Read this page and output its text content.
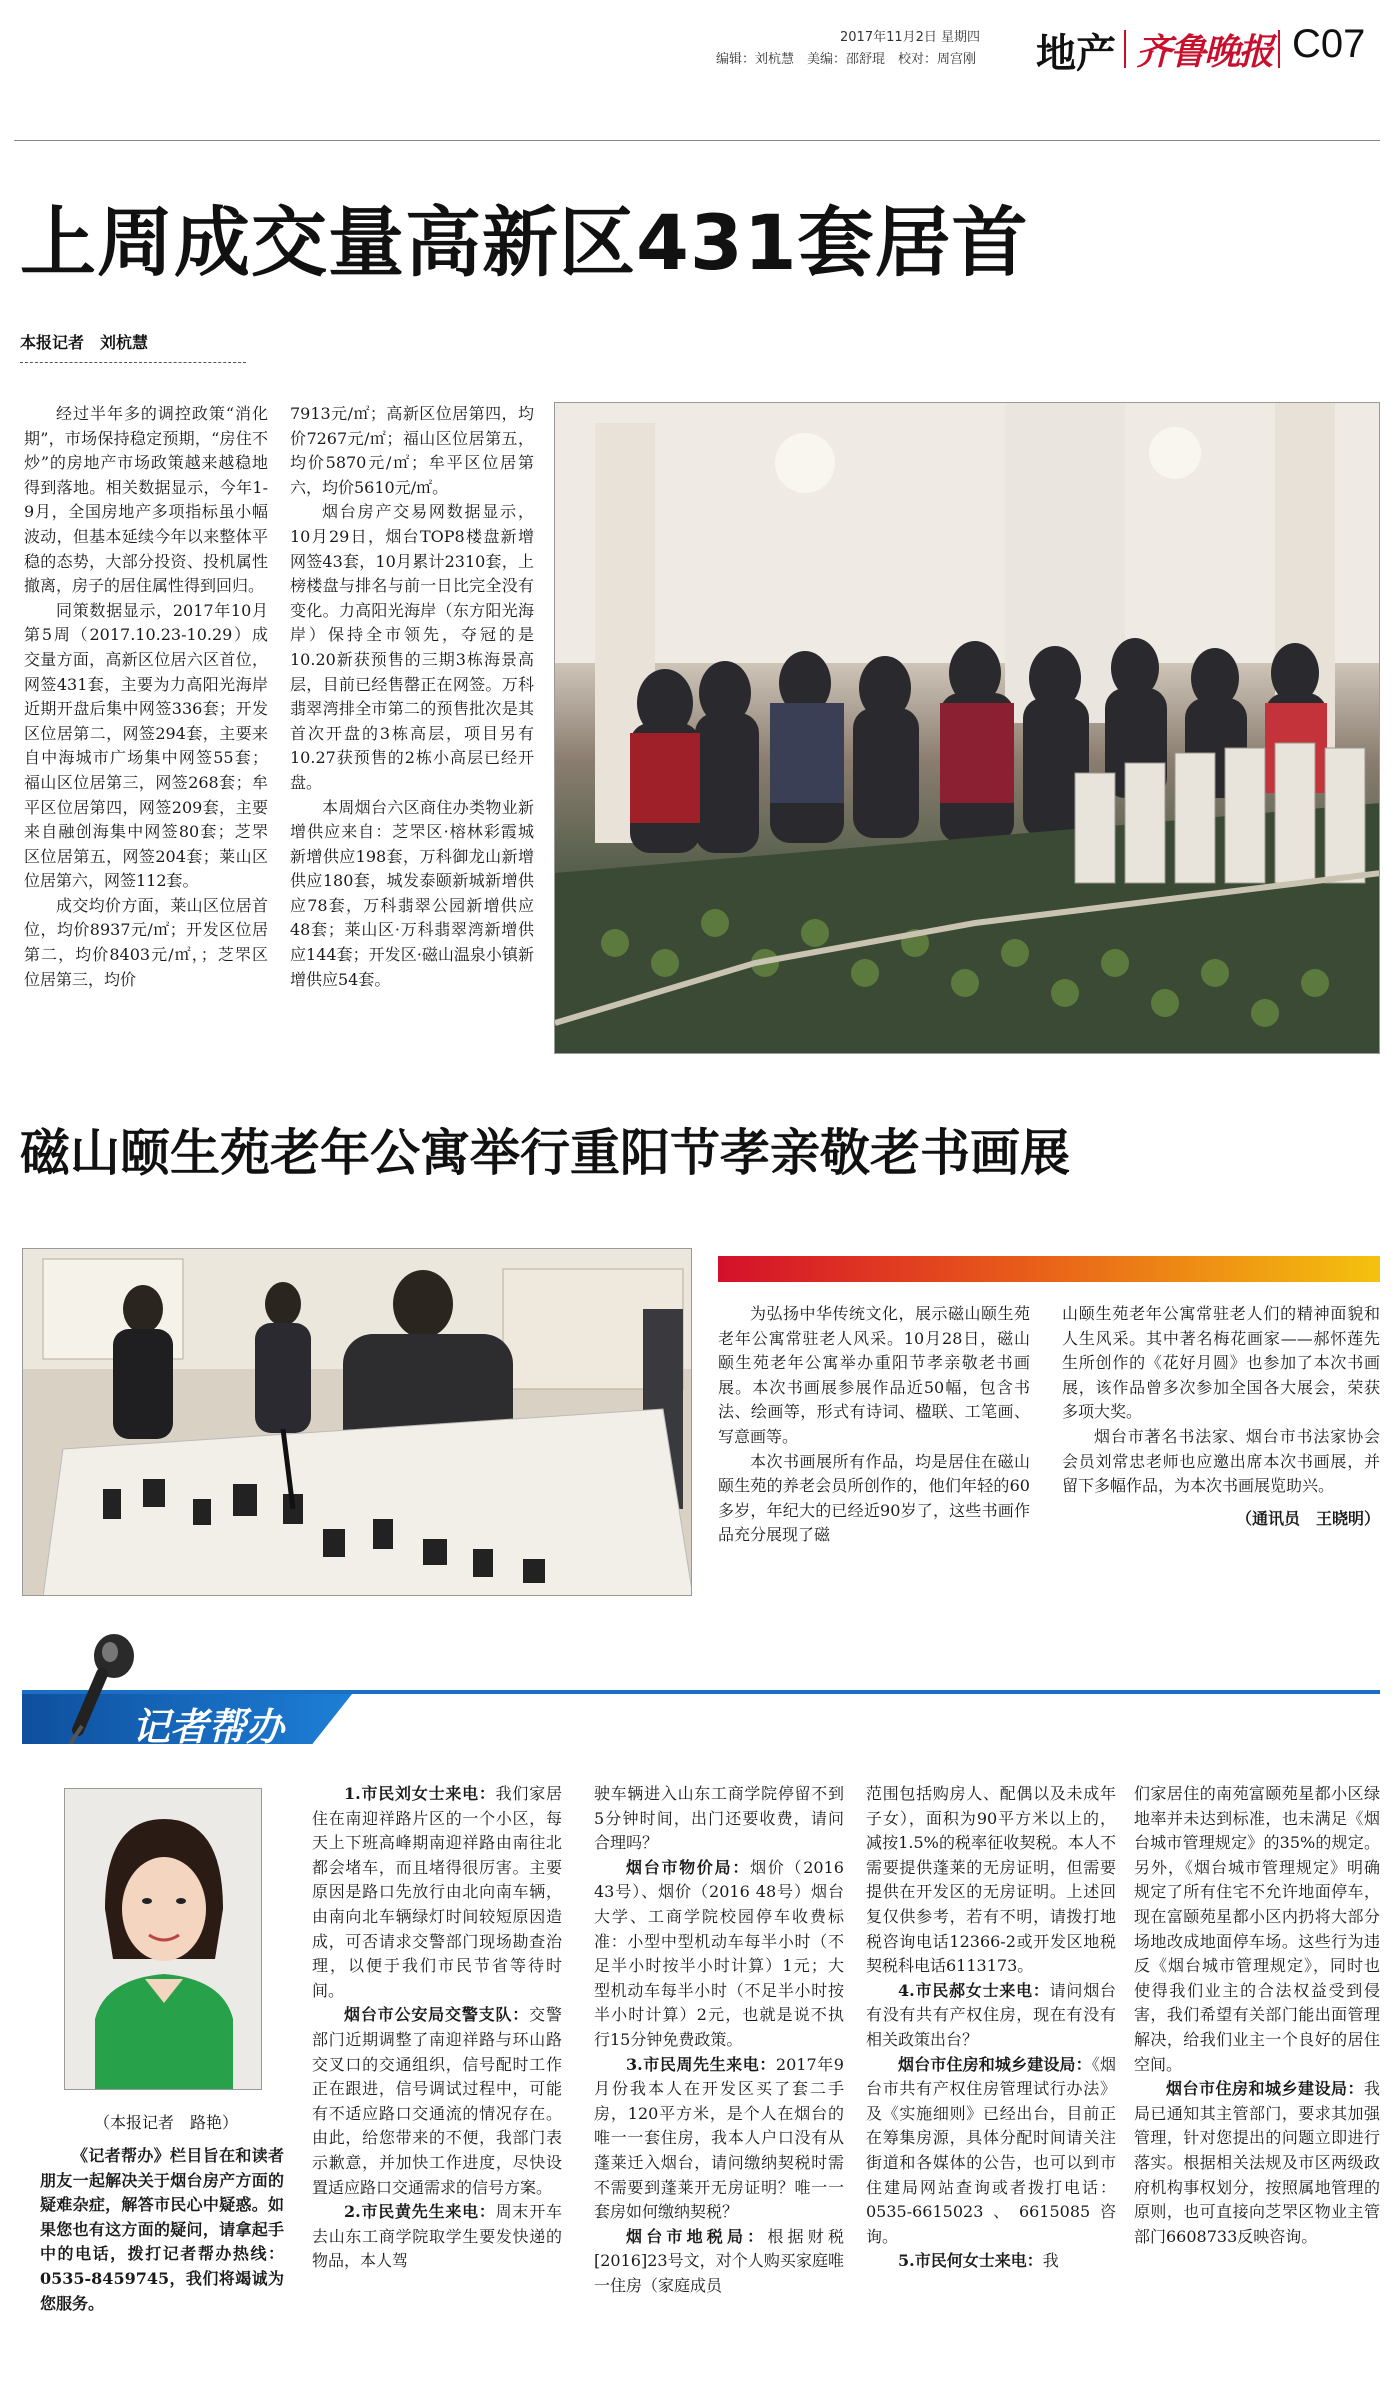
2017年11月2日 星期四
编辑：刘杭慧　美编：邵舒琨　校对：周宫刚	地产 齐鲁晚报 C07
上周成交量高新区431套居首
本报记者　刘杭慧

经过半年多的调控政策“消化期”，市场保持稳定预期，“房住不炒”的房地产市场政策越来越稳地得到落地。相关数据显示，今年1-9月，全国房地产多项指标虽小幅波动，但基本延续今年以来整体平稳的态势，大部分投资、投机属性撤离，房子的居住属性得到回归。

同策数据显示，2017年10月第5周（2017.10.23-10.29）成交量方面，高新区位居六区首位，网签431套，主要为力高阳光海岸近期开盘后集中网签336套；开发区位居第二，网签294套，主要来自中海城市广场集中网签55套；福山区位居第三，网签268套；牟平区位居第四，网签209套，主要来自融创海集中网签80套；芝罘区位居第五，网签204套；莱山区位居第六，网签112套。

成交均价方面，莱山区位居首位，均价8937元/㎡；开发区位居第二，均价8403元/㎡，；芝罘区位居第三，均价

7913元/㎡；高新区位居第四，均价7267元/㎡；福山区位居第五，均价5870元/㎡；牟平区位居第六，均价5610元/㎡。

烟台房产交易网数据显示，10月29日，烟台TOP8楼盘新增网签43套，10月累计2310套，上榜楼盘与排名与前一日比完全没有变化。力高阳光海岸（东方阳光海岸）保持全市领先，夺冠的是10.20新获预售的三期3栋海景高层，目前已经售罄正在网签。万科翡翠湾排全市第二的预售批次是其首次开盘的3栋高层，项目另有10.27获预售的2栋小高层已经开盘。

本周烟台六区商住办类物业新增供应来自：芝罘区·榕林彩霞城新增供应198套，万科御龙山新增供应180套，城发泰颐新城新增供应78套，万科翡翠公园新增供应48套；莱山区·万科翡翠湾新增供应144套；开发区·磁山温泉小镇新增供应54套。

磁山颐生苑老年公寓举行重阳节孝亲敬老书画展

为弘扬中华传统文化，展示磁山颐生苑老年公寓常驻老人风采。10月28日，磁山颐生苑老年公寓举办重阳节孝亲敬老书画展。本次书画展参展作品近50幅，包含书法、绘画等，形式有诗词、楹联、工笔画、写意画等。

本次书画展所有作品，均是居住在磁山颐生苑的养老会员所创作的，他们年轻的60多岁，年纪大的已经近90岁了，这些书画作品充分展现了磁

山颐生苑老年公寓常驻老人们的精神面貌和人生风采。其中著名梅花画家——郝怀莲先生所创作的《花好月圆》也参加了本次书画展，该作品曾多次参加全国各大展会，荣获多项大奖。

烟台市著名书法家、烟台市书法家协会会员刘常忠老师也应邀出席本次书画展，并留下多幅作品，为本次书画展览助兴。

（通讯员　王晓明）

记者帮办
（本报记者　路艳）

《记者帮办》栏目旨在和读者朋友一起解决关于烟台房产方面的疑难杂症，解答市民心中疑惑。如果您也有这方面的疑问，请拿起手中的电话，拨打记者帮办热线：0535-8459745，我们将竭诚为您服务。

1.市民刘女士来电：我们家居住在南迎祥路片区的一个小区，每天上下班高峰期南迎祥路由南往北都会堵车，而且堵得很厉害。主要原因是路口先放行由北向南车辆，由南向北车辆绿灯时间较短原因造成，可否请求交警部门现场勘查治理，以便于我们市民节省等待时间。

烟台市公安局交警支队：交警部门近期调整了南迎祥路与环山路交叉口的交通组织，信号配时工作正在跟进，信号调试过程中，可能有不适应路口交通流的情况存在。由此，给您带来的不便，我部门表示歉意，并加快工作进度，尽快设置适应路口交通需求的信号方案。

2.市民黄先生来电：周末开车去山东工商学院取学生要发快递的物品，本人驾

驶车辆进入山东工商学院停留不到5分钟时间，出门还要收费，请问合理吗？

烟台市物价局：烟价（2016 43号）、烟价（2016 48号）烟台大学、工商学院校园停车收费标准：小型中型机动车每半小时（不足半小时按半小时计算）1元；大型机动车每半小时（不足半小时按半小时计算）2元，也就是说不执行15分钟免费政策。

3.市民周先生来电：2017年9月份我本人在开发区买了套二手房，120平方米，是个人在烟台的唯一一套住房，我本人户口没有从蓬莱迁入烟台，请问缴纳契税时需不需要到蓬莱开无房证明？唯一一套房如何缴纳契税？

烟台市地税局：根据财税[2016]23号文，对个人购买家庭唯一住房（家庭成员

范围包括购房人、配偶以及未成年子女），面积为90平方米以上的，减按1.5%的税率征收契税。本人不需要提供蓬莱的无房证明，但需要提供在开发区的无房证明。上述回复仅供参考，若有不明，请拨打地税咨询电话12366-2或开发区地税契税科电话6113173。

4.市民郝女士来电：请问烟台有没有共有产权住房，现在有没有相关政策出台？

烟台市住房和城乡建设局：《烟台市共有产权住房管理试行办法》及《实施细则》已经出台，目前正在筹集房源，具体分配时间请关注街道和各媒体的公告，也可以到市住建局网站查询或者拨打电话：0535-6615023、6615085咨询。

5.市民何女士来电：我

们家居住的南苑富颐苑星都小区绿地率并未达到标准，也未满足《烟台城市管理规定》的35%的规定。另外，《烟台城市管理规定》明确规定了所有住宅不允许地面停车，现在富颐苑星都小区内扔将大部分场地改成地面停车场。这些行为违反《烟台城市管理规定》，同时也使得我们业主的合法权益受到侵害，我们希望有关部门能出面管理解决，给我们业主一个良好的居住空间。

烟台市住房和城乡建设局：我局已通知其主管部门，要求其加强管理，针对您提出的问题立即进行落实。根据相关法规及市区两级政府机构事权划分，按照属地管理的原则，也可直接向芝罘区物业主管部门6608733反映咨询。
